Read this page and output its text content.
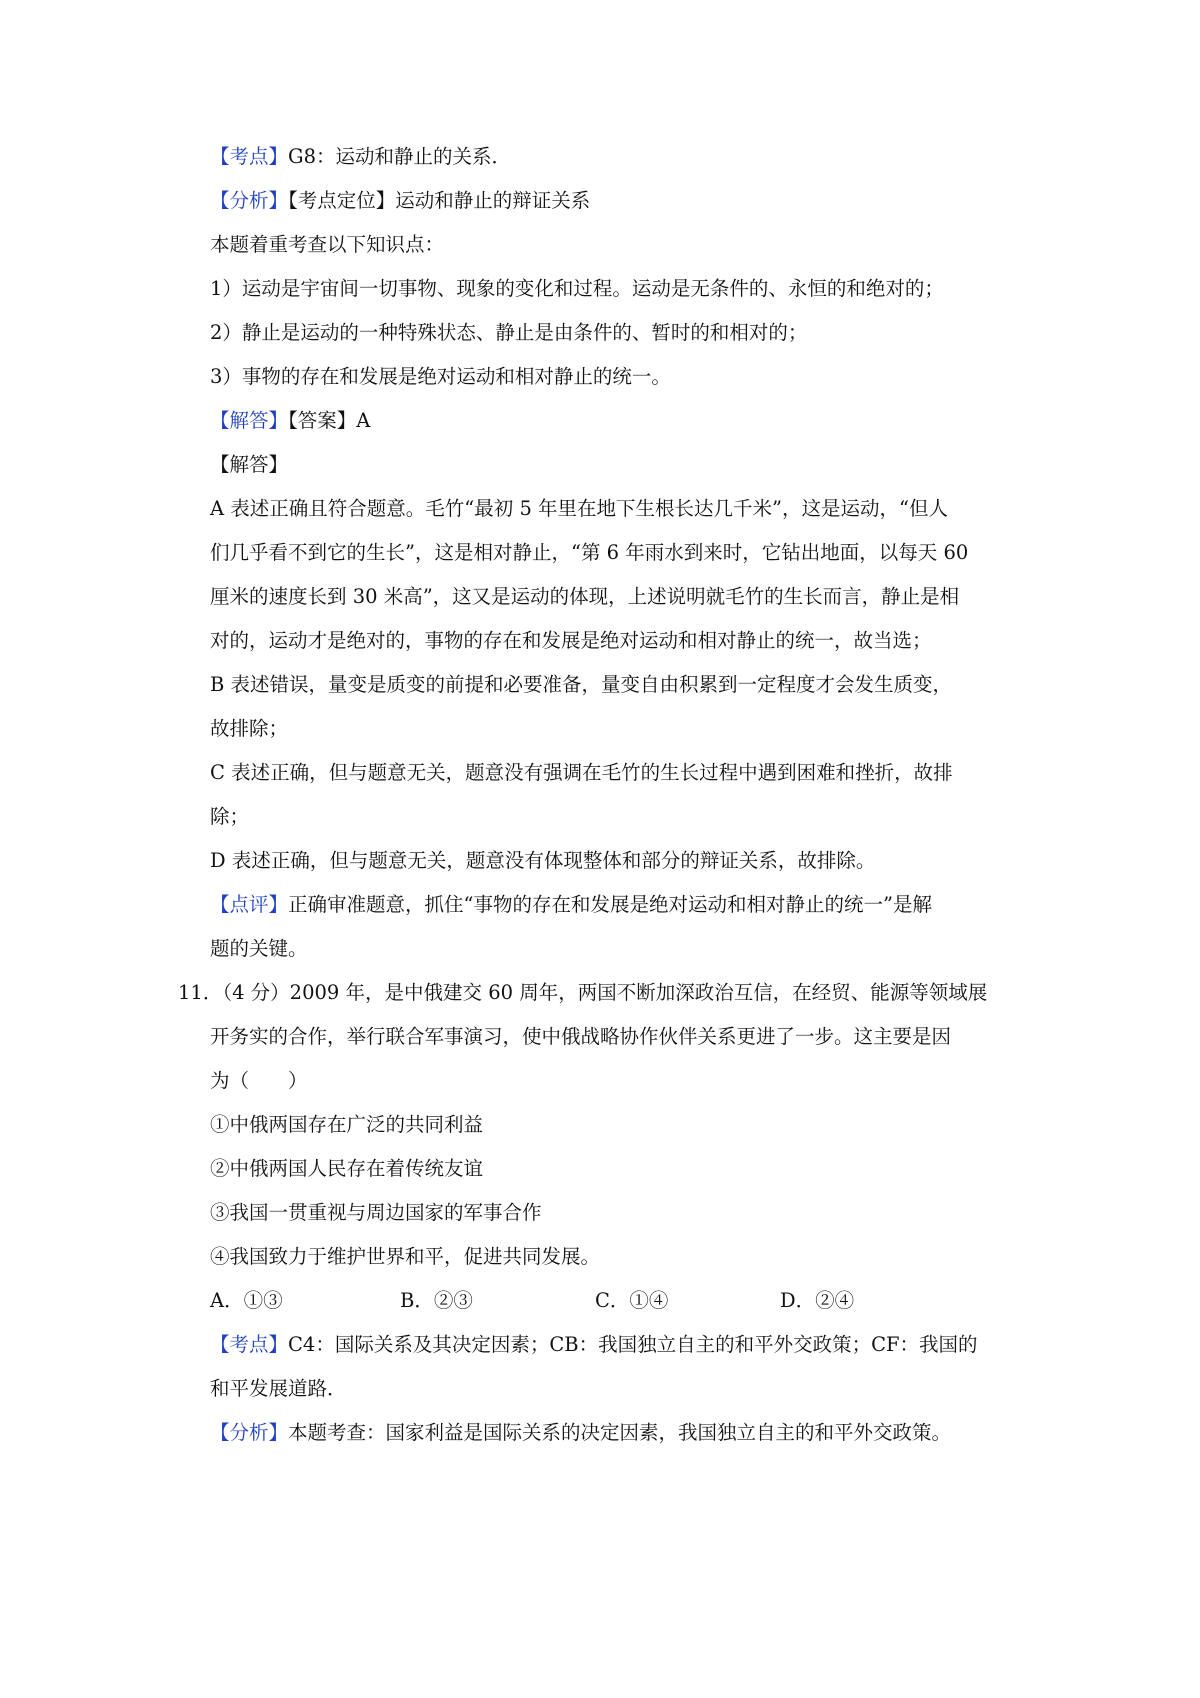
【考点】G8：运动和静止的关系．
【分析】【考点定位】运动和静止的辩证关系
本题着重考查以下知识点：
1）运动是宇宙间一切事物、现象的变化和过程。运动是无条件的、永恒的和绝对的；
2）静止是运动的一种特殊状态、静止是由条件的、暂时的和相对的；
3）事物的存在和发展是绝对运动和相对静止的统一。
【解答】【答案】A
【解答】
A 表述正确且符合题意。毛竹“最初 5 年里在地下生根长达几千米”，这是运动，“但人
们几乎看不到它的生长”，这是相对静止，“第 6 年雨水到来时，它钻出地面，以每天 60
厘米的速度长到 30 米高”，这又是运动的体现，上述说明就毛竹的生长而言，静止是相
对的，运动才是绝对的，事物的存在和发展是绝对运动和相对静止的统一，故当选；
B 表述错误，量变是质变的前提和必要准备，量变自由积累到一定程度才会发生质变，
故排除；
C 表述正确，但与题意无关，题意没有强调在毛竹的生长过程中遇到困难和挫折，故排
除；
D 表述正确，但与题意无关，题意没有体现整体和部分的辩证关系，故排除。
【点评】正确审准题意，抓住“事物的存在和发展是绝对运动和相对静止的统一”是解
题的关键。
11．（4 分）2009 年，是中俄建交 60 周年，两国不断加深政治互信，在经贸、能源等领域展
开务实的合作，举行联合军事演习，使中俄战略协作伙伴关系更进了一步。这主要是因
为（　　）
①中俄两国存在广泛的共同利益
②中俄两国人民存在着传统友谊
③我国一贯重视与周边国家的军事合作
④我国致力于维护世界和平，促进共同发展。
A．①③	B．②③	C．①④	D．②④
【考点】C4：国际关系及其决定因素；CB：我国独立自主的和平外交政策；CF：我国的
和平发展道路．
【分析】本题考查：国家利益是国际关系的决定因素，我国独立自主的和平外交政策。
